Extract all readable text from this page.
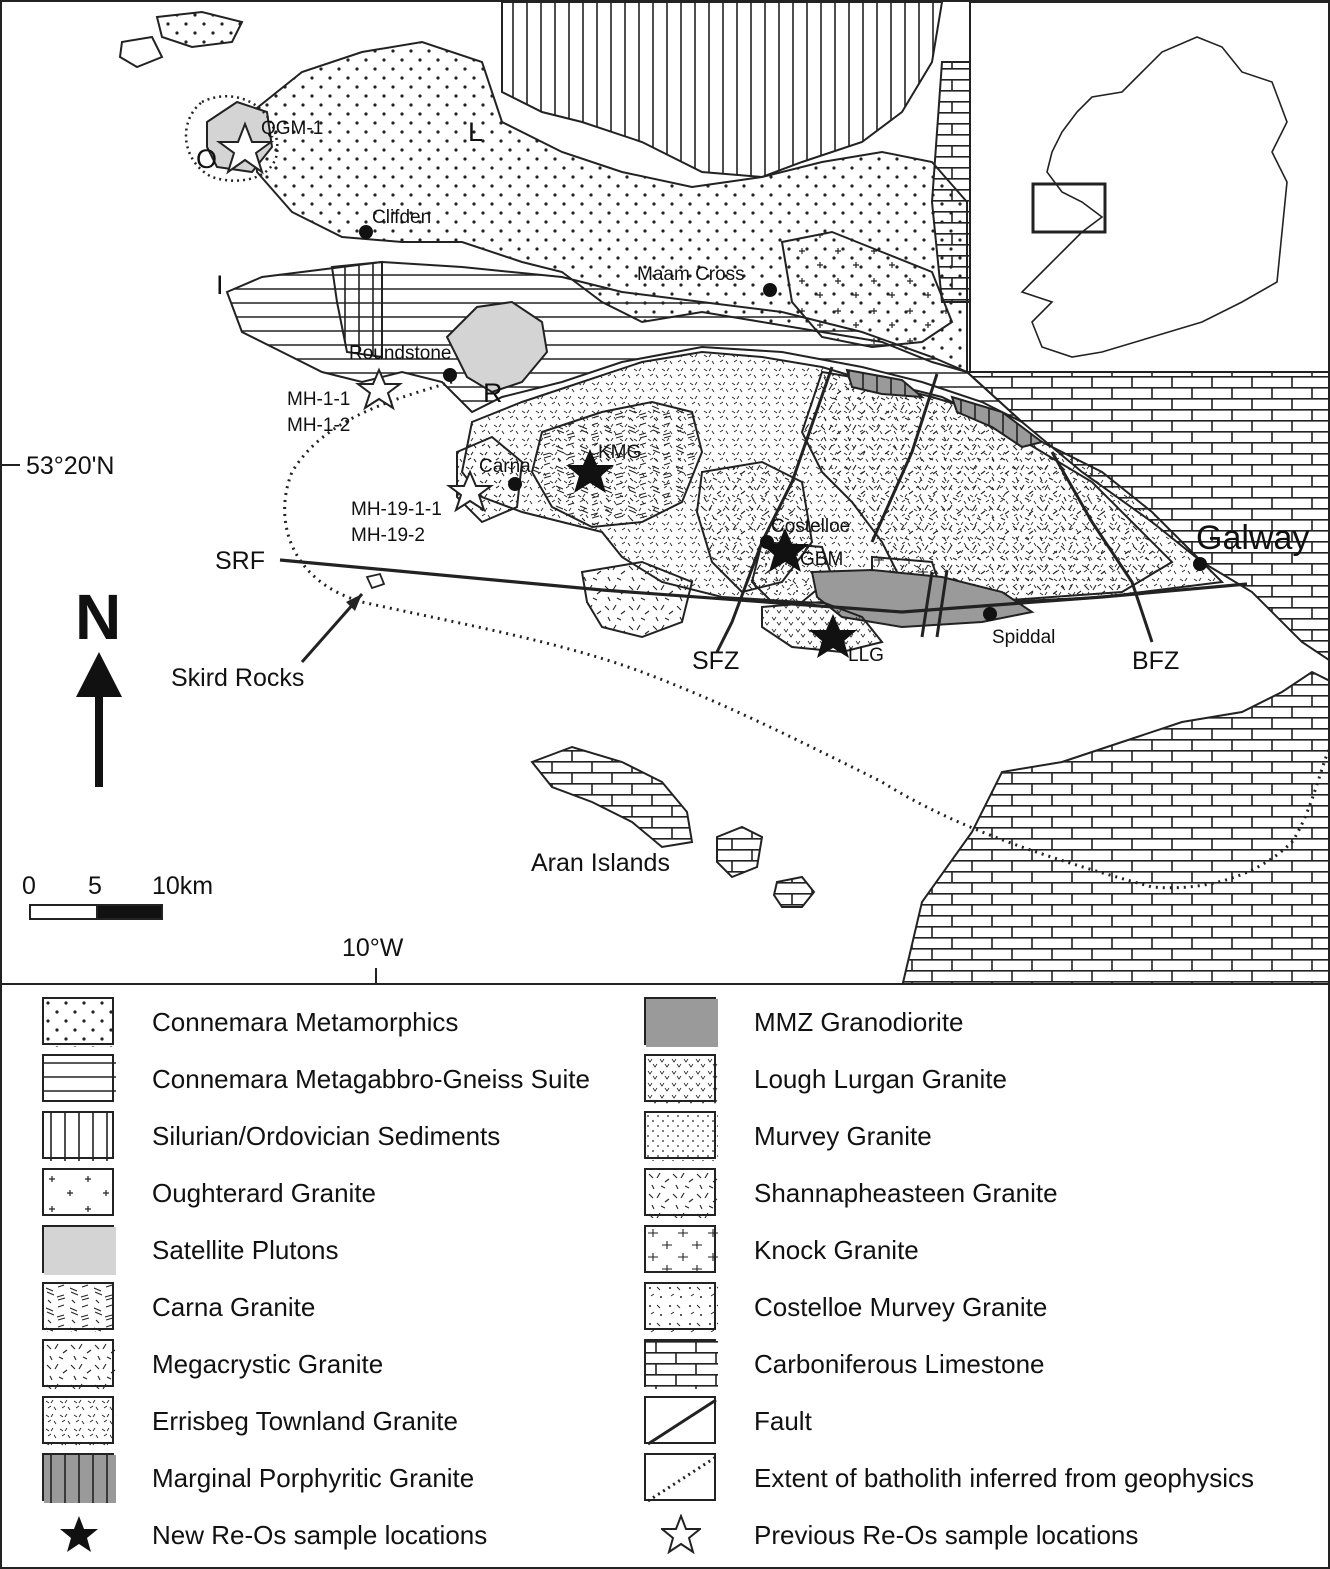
QGM-1
O
L
Clifden
I	Maam Cross
Roundstone
R
MH-1-1
MH-1-2
Carna
KMG
MH-19-1-1
MH-19-2	Costelloe
GBM
Galway
SRF
Skird Rocks
SFZ	LLG
Spiddal
BFZ
Aran Islands
53°20'N
10°W
N
0 5 10km
Connemara Metamorphics
Connemara Metagabbro-Gneiss Suite
Silurian/Ordovician Sediments
Oughterard Granite
Satellite Plutons
Carna Granite
Megacrystic Granite
Errisbeg Townland Granite
Marginal Porphyritic Granite
New Re-Os sample locations
MMZ Granodiorite
Lough Lurgan Granite
Murvey Granite
Shannapheasteen Granite
Knock Granite
Costelloe Murvey Granite
Carboniferous Limestone
Fault
Extent of batholith inferred from geophysics
Previous Re-Os sample locations
